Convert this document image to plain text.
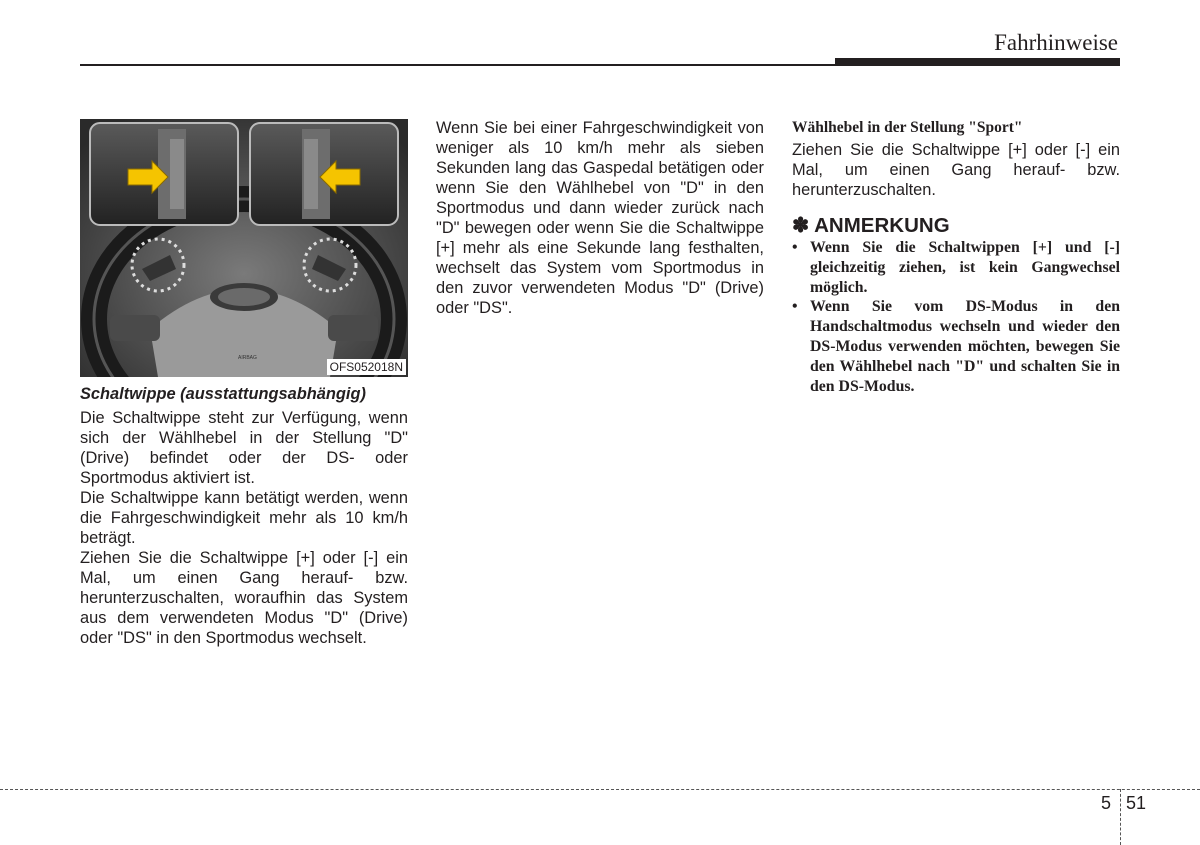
Fahrhinweise
AIRBAG
OFS052018N

Schaltwippe (ausstattungsabhängig)

Die Schaltwippe steht zur Verfügung, wenn sich der Wählhebel in der Stellung "D" (Drive) befindet oder der DS- oder Sportmodus aktiviert ist.

Die Schaltwippe kann betätigt werden, wenn die Fahrgeschwindigkeit mehr als 10 km/h beträgt.

Ziehen Sie die Schaltwippe [+] oder [-] ein Mal, um einen Gang herauf- bzw. herunterzuschalten, woraufhin das System aus dem verwendeten Modus "D" (Drive) oder "DS" in den Sportmodus wechselt.

Wenn Sie bei einer Fahrgeschwindigkeit von weniger als 10 km/h mehr als sieben Sekunden lang das Gaspedal betätigen oder wenn Sie den Wählhebel von "D" in den Sportmodus und dann wieder zurück nach "D" bewegen oder wenn Sie die Schaltwippe [+] mehr als eine Sekunde lang festhalten, wechselt das System vom Sportmodus in den zuvor verwendeten Modus "D" (Drive) oder "DS".

Wählhebel in der Stellung "Sport"

Ziehen Sie die Schaltwippe [+] oder [-] ein Mal, um einen Gang herauf- bzw. herunterzuschalten.

✽ ANMERKUNG

• Wenn Sie die Schaltwippen [+] und [-] gleichzeitig ziehen, ist kein Gangwechsel möglich.
• Wenn Sie vom DS-Modus in den Handschaltmodus wechseln und wieder den DS-Modus verwenden möchten, bewegen Sie den Wählhebel nach "D" und schalten Sie in den DS-Modus.
5 51
